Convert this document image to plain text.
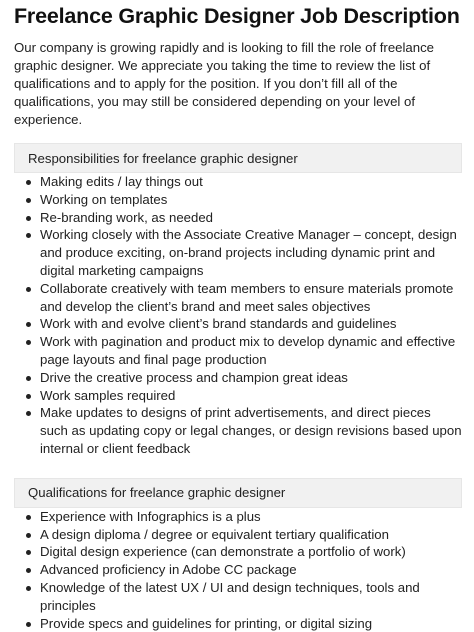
Freelance Graphic Designer Job Description

Our company is growing rapidly and is looking to fill the role of freelance graphic designer. We appreciate you taking the time to review the list of qualifications and to apply for the position. If you don’t fill all of the qualifications, you may still be considered depending on your level of experience.

Responsibilities for freelance graphic designer
Making edits / lay things out
Working on templates
Re-branding work, as needed
Working closely with the Associate Creative Manager – concept, design and produce exciting, on-brand projects including dynamic print and digital marketing campaigns
Collaborate creatively with team members to ensure materials promote and develop the client’s brand and meet sales objectives
Work with and evolve client’s brand standards and guidelines
Work with pagination and product mix to develop dynamic and effective page layouts and final page production
Drive the creative process and champion great ideas
Work samples required
Make updates to designs of print advertisements, and direct pieces such as updating copy or legal changes, or design revisions based upon internal or client feedback
Qualifications for freelance graphic designer
Experience with Infographics is a plus
A design diploma / degree or equivalent tertiary qualification
Digital design experience (can demonstrate a portfolio of work)
Advanced proficiency in Adobe CC package
Knowledge of the latest UX / UI and design techniques, tools and principles
Provide specs and guidelines for printing, or digital sizing
